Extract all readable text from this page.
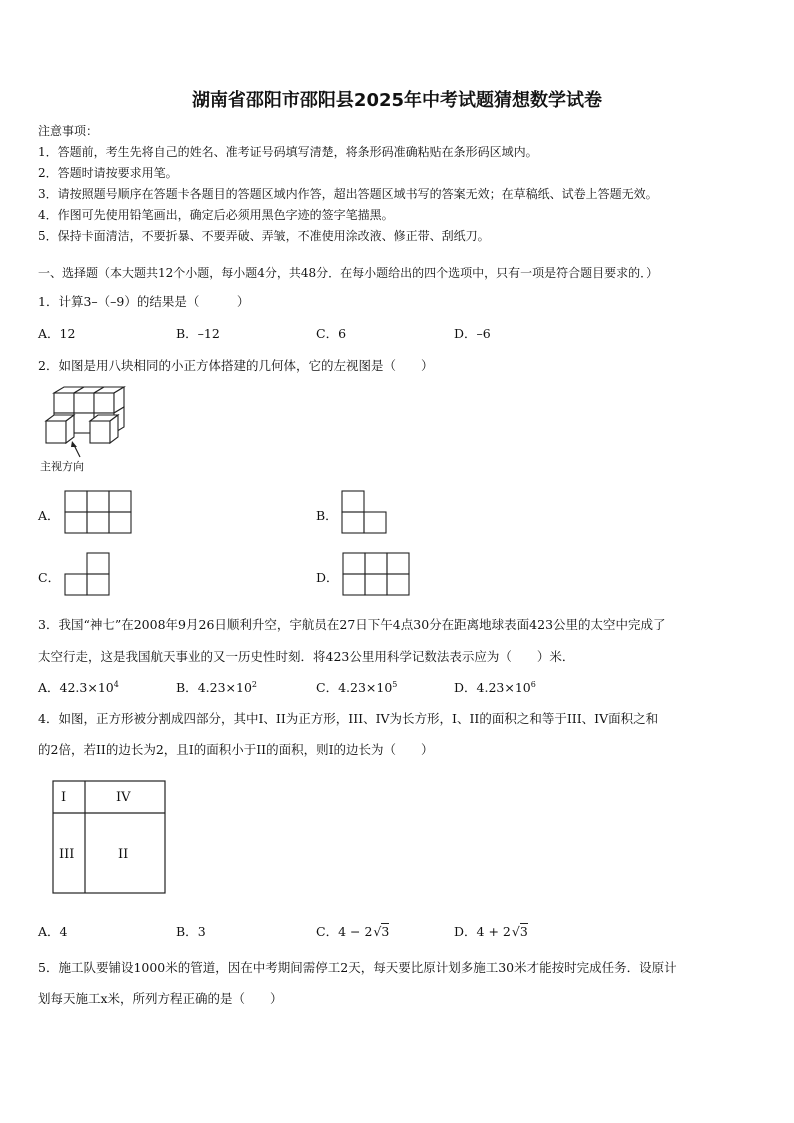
湖南省邵阳市邵阳县2025年中考试题猜想数学试卷
注意事项：
1．答题前，考生先将自己的姓名、准考证号码填写清楚，将条形码准确粘贴在条形码区域内。
2．答题时请按要求用笔。
3．请按照题号顺序在答题卡各题目的答题区域内作答，超出答题区域书写的答案无效；在草稿纸、试卷上答题无效。
4．作图可先使用铅笔画出，确定后必须用黑色字迹的签字笔描黑。
5．保持卡面清洁，不要折暴、不要弄破、弄皱，不准使用涂改液、修正带、刮纸刀。
一、选择题（本大题共12个小题，每小题4分，共48分．在每小题给出的四个选项中，只有一项是符合题目要求的．）
1．计算3–（–9）的结果是（　　　）
A．12	B．–12	C．6	D．–6
2．如图是用八块相同的小正方体搭建的几何体，它的左视图是（　　）
主视方向
A．	B．
C．	D．
3．我国“神七”在2008年9月26日顺利升空，宇航员在27日下午4点30分在距离地球表面423公里的太空中完成了
太空行走，这是我国航天事业的又一历史性时刻．将423公里用科学记数法表示应为（　　）米．
A．$42.3\times 10^4$	B．$4.23\times 10^2$	C．$4.23\times 10^5$	D．$4.23\times 10^6$
4．如图，正方形被分割成四部分，其中I、II为正方形，III、IV为长方形，I、II的面积之和等于III、IV面积之和
的2倍，若II的边长为2，且I的面积小于II的面积，则I的边长为（　　）
I	IV
III	II
A．4	B．3	C．4 − 2√3	D．4 + 2√3
5．施工队要铺设1000米的管道，因在中考期间需停工2天，每天要比原计划多施工30米才能按时完成任务．设原计
划每天施工x米，所列方程正确的是（　　）
